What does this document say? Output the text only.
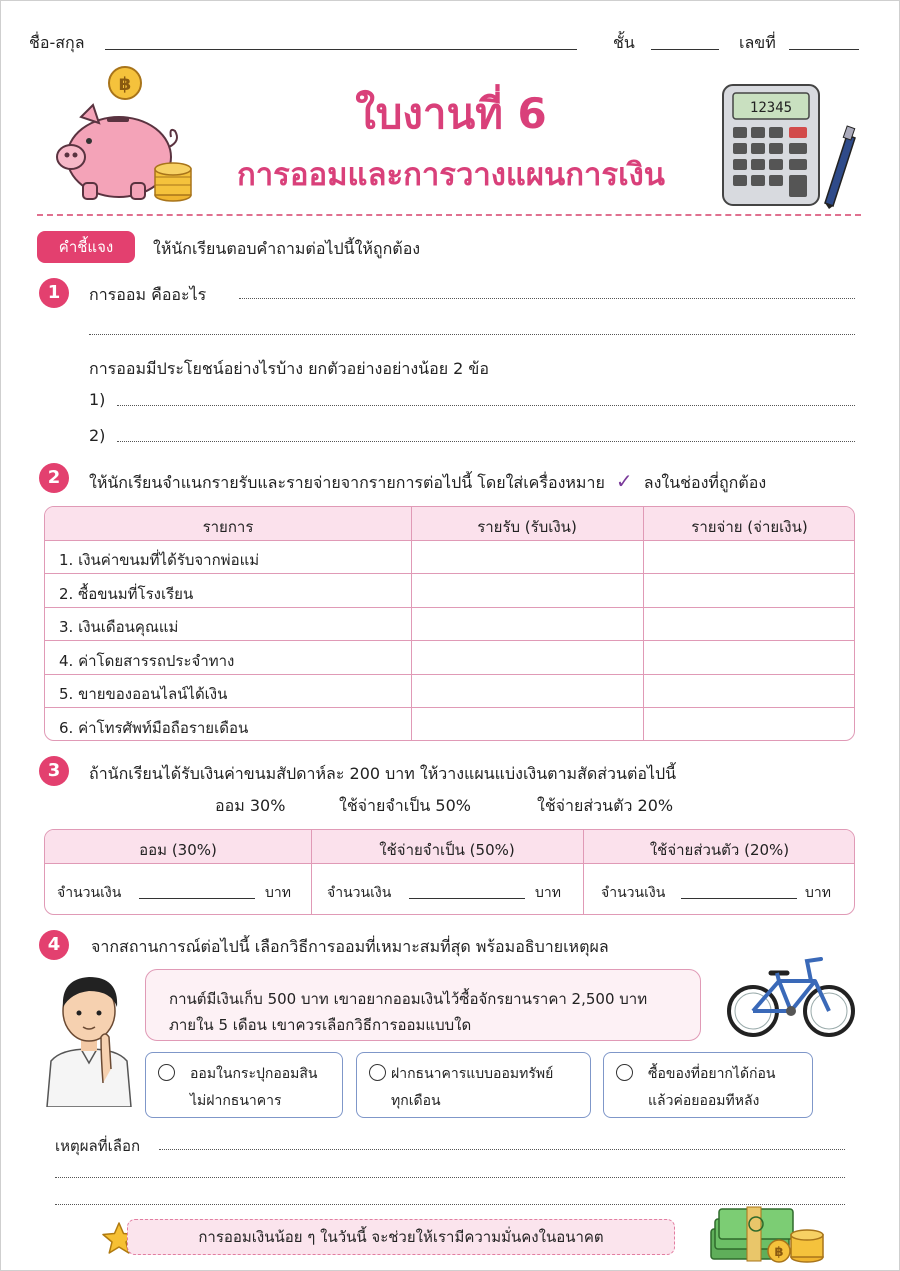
ชื่อ-สกุล	ชั้น	เลขที่
฿
ใบงานที่ 6
การออมและการวางแผนการเงิน
12345
คำชี้แจง	ให้นักเรียนตอบคำถามต่อไปนี้ให้ถูกต้อง
1	การออม คืออะไร
การออมมีประโยชน์อย่างไรบ้าง ยกตัวอย่างอย่างน้อย 2 ข้อ
1)
2)
2	ให้นักเรียนจำแนกรายรับและรายจ่ายจากรายการต่อไปนี้ โดยใส่เครื่องหมาย ✓ ลงในช่องที่ถูกต้อง
รายการ	รายรับ (รับเงิน)	รายจ่าย (จ่ายเงิน)
1. เงินค่าขนมที่ได้รับจากพ่อแม่
2. ซื้อขนมที่โรงเรียน
3. เงินเดือนคุณแม่
4. ค่าโดยสารรถประจำทาง
5. ขายของออนไลน์ได้เงิน
6. ค่าโทรศัพท์มือถือรายเดือน
3	ถ้านักเรียนได้รับเงินค่าขนมสัปดาห์ละ 200 บาท ให้วางแผนแบ่งเงินตามสัดส่วนต่อไปนี้
ออม 30%	ใช้จ่ายจำเป็น 50%	ใช้จ่ายส่วนตัว 20%
ออม (30%)	ใช้จ่ายจำเป็น (50%)	ใช้จ่ายส่วนตัว (20%)
จำนวนเงิน	บาท	จำนวนเงิน	บาท	จำนวนเงิน	บาท
4	จากสถานการณ์ต่อไปนี้ เลือกวิธีการออมที่เหมาะสมที่สุด พร้อมอธิบายเหตุผล
กานต์มีเงินเก็บ 500 บาท เขาอยากออมเงินไว้ซื้อจักรยานราคา 2,500 บาท
ภายใน 5 เดือน เขาควรเลือกวิธีการออมแบบใด
ออมในกระปุกออมสิน
ไม่ฝากธนาคาร
ฝากธนาคารแบบออมทรัพย์
ทุกเดือน
ซื้อของที่อยากได้ก่อน
แล้วค่อยออมทีหลัง
เหตุผลที่เลือก
การออมเงินน้อย ๆ ในวันนี้ จะช่วยให้เรามีความมั่นคงในอนาคต
฿
